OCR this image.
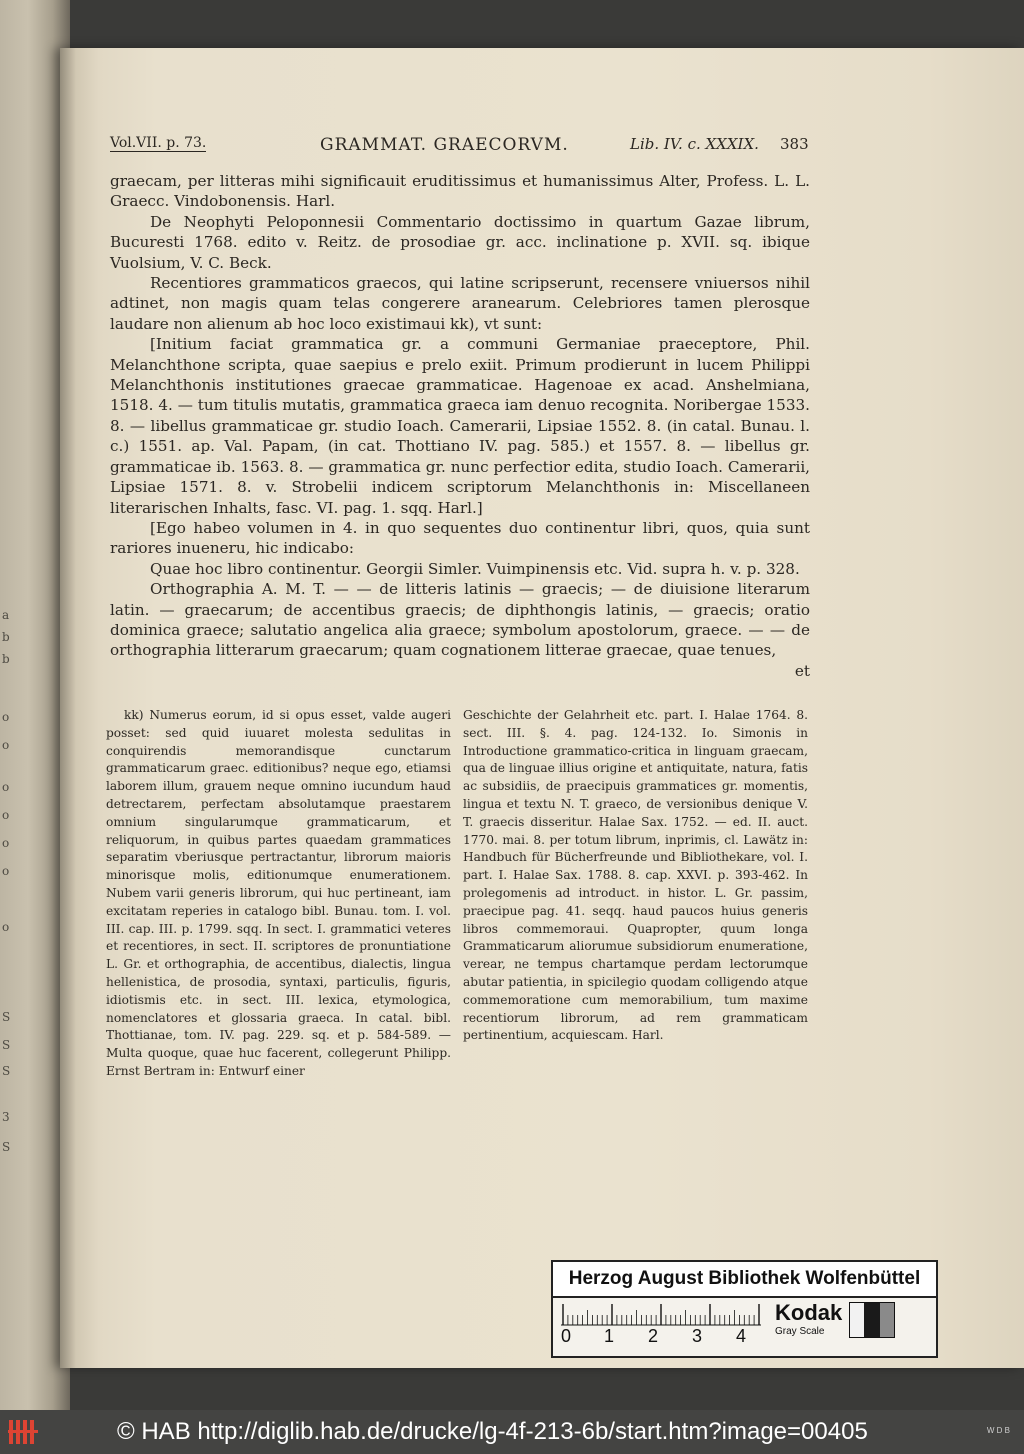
a
b
b
o
o
o
o
o
o
o
S
S
S
3
S
Vol.VII. p. 73.	GRAMMAT. GRAECORVM.	Lib. IV. c. XXXIX. 383

graecam, per litteras mihi significauit eruditissimus et humanissimus Alter, Profess. L. L. Graecc. Vindobonensis. Harl.

De Neophyti Peloponnesii Commentario doctissimo in quartum Gazae librum, Bucuresti 1768. edito v. Reitz. de prosodiae gr. acc. inclinatione p. XVII. sq. ibique Vuolsium, V. C. Beck.

Recentiores grammaticos graecos, qui latine scripserunt, recensere vniuersos nihil adtinet, non magis quam telas congerere aranearum. Celebriores tamen plerosque laudare non alienum ab hoc loco existimaui kk), vt sunt:

[Initium faciat grammatica gr. a communi Germaniae praeceptore, Phil. Melanchthone scripta, quae saepius e prelo exiit. Primum prodierunt in lucem Philippi Melanchthonis institutiones graecae grammaticae. Hagenoae ex acad. Anshelmiana, 1518. 4. — tum titulis mutatis, grammatica graeca iam denuo recognita. Noribergae 1533. 8. — libellus grammaticae gr. studio Ioach. Camerarii, Lipsiae 1552. 8. (in catal. Bunau. l. c.) 1551. ap. Val. Papam, (in cat. Thottiano IV. pag. 585.) et 1557. 8. — libellus gr. grammaticae ib. 1563. 8. — grammatica gr. nunc perfectior edita, studio Ioach. Camerarii, Lipsiae 1571. 8. v. Strobelii indicem scriptorum Melanchthonis in: Miscellaneen literarischen Inhalts, fasc. VI. pag. 1. sqq. Harl.]

[Ego habeo volumen in 4. in quo sequentes duo continentur libri, quos, quia sunt rariores inueneru, hic indicabo:

Quae hoc libro continentur. Georgii Simler. Vuimpinensis etc. Vid. supra h. v. p. 328.

Orthographia A. M. T. — — de litteris latinis — graecis; — de diuisione literarum latin. — graecarum; de accentibus graecis; de diphthongis latinis, — graecis; oratio dominica graece; salutatio angelica alia graece; symbolum apostolorum, graece. — — de orthographia litterarum graecarum; quam cognationem litterae graecae, quae tenues,

et

kk) Numerus eorum, id si opus esset, valde augeri posset: sed quid iuuaret molesta sedulitas in conquirendis memorandisque cunctarum grammaticarum graec. editionibus? neque ego, etiamsi laborem illum, grauem neque omnino iucundum haud detrectarem, perfectam absolutamque praestarem omnium singularumque grammaticarum, et reliquorum, in quibus partes quaedam grammatices separatim vberiusque pertractantur, librorum maioris minorisque molis, editionumque enumerationem. Nubem varii generis librorum, qui huc pertineant, iam excitatam reperies in catalogo bibl. Bunau. tom. I. vol. III. cap. III. p. 1799. sqq. In sect. I. grammatici veteres et recentiores, in sect. II. scriptores de pronuntiatione L. Gr. et orthographia, de accentibus, dialectis, lingua hellenistica, de prosodia, syntaxi, particulis, figuris, idiotismis etc. in sect. III. lexica, etymologica, nomenclatores et glossaria graeca. In catal. bibl. Thottianae, tom. IV. pag. 229. sq. et p. 584-589. — Multa quoque, quae huc facerent, collegerunt Philipp. Ernst Bertram in: Entwurf einer

Geschichte der Gelahrheit etc. part. I. Halae 1764. 8. sect. III. §. 4. pag. 124-132. Io. Simonis in Introductione grammatico-critica in linguam graecam, qua de linguae illius origine et antiquitate, natura, fatis ac subsidiis, de praecipuis grammatices gr. momentis, lingua et textu N. T. graeco, de versionibus denique V. T. graecis disseritur. Halae Sax. 1752. — ed. II. auct. 1770. mai. 8. per totum librum, inprimis, cl. Lawätz in: Handbuch für Bücherfreunde und Bibliothekare, vol. I. part. I. Halae Sax. 1788. 8. cap. XXVI. p. 393-462. In prolegomenis ad introduct. in histor. L. Gr. passim, praecipue pag. 41. seqq. haud paucos huius generis libros commemoraui. Quapropter, quum longa Grammaticarum aliorumue subsidiorum enumeratione, verear, ne tempus chartamque perdam lectorumque abutar patientia, in spicilegio quodam colligendo atque commemoratione cum memorabilium, tum maxime recentiorum librorum, ad rem grammaticam pertinentium, acquiescam. Harl.

Herzog August Bibliothek Wolfenbüttel
0 1 2 3 4
Kodak
Gray Scale
© HAB http://diglib.hab.de/drucke/lg-4f-213-6b/start.htm?image=00405	W D B
